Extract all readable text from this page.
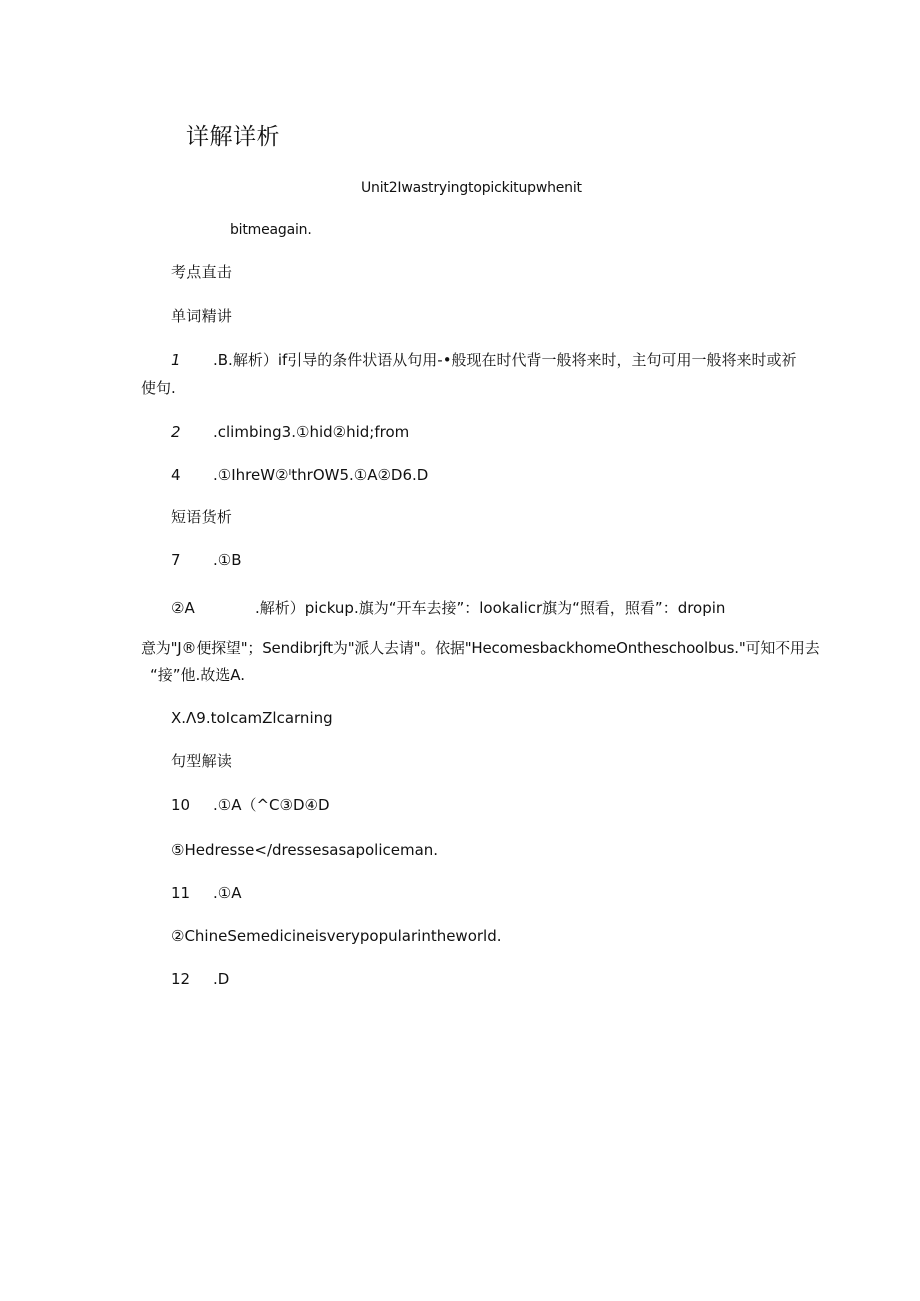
详解详析
Unit2Iwastryingtopickitupwhenit
bitmeagain.
考点直击
单词精讲
1 .B.解析）if引导的条件状语从句用-•般现在时代背一般将来时，主句可用一般将来时或祈
使句.
2 .climbing3.①hid②hid;from
4 .①IhreW②ᴵthrOW5.①A②D6.D
短语货析
7 .①B
②A	.解析）pickup.旗为“开车去接”：lookalicr旗为“照看，照看”：dropin
意为"J®便探望"；Sendibrjft为"派人去请"。依据"HecomesbackhomeOntheschoolbus."可知不用去
“接”他.故选A.
X.Λ9.toIcamZlcarning
句型解读
10 .①A（^C③D④D
⑤Hedresse</dressesasapoliceman.
11 .①A
②ChineSemedicineisverypopularintheworld.
12 .D
